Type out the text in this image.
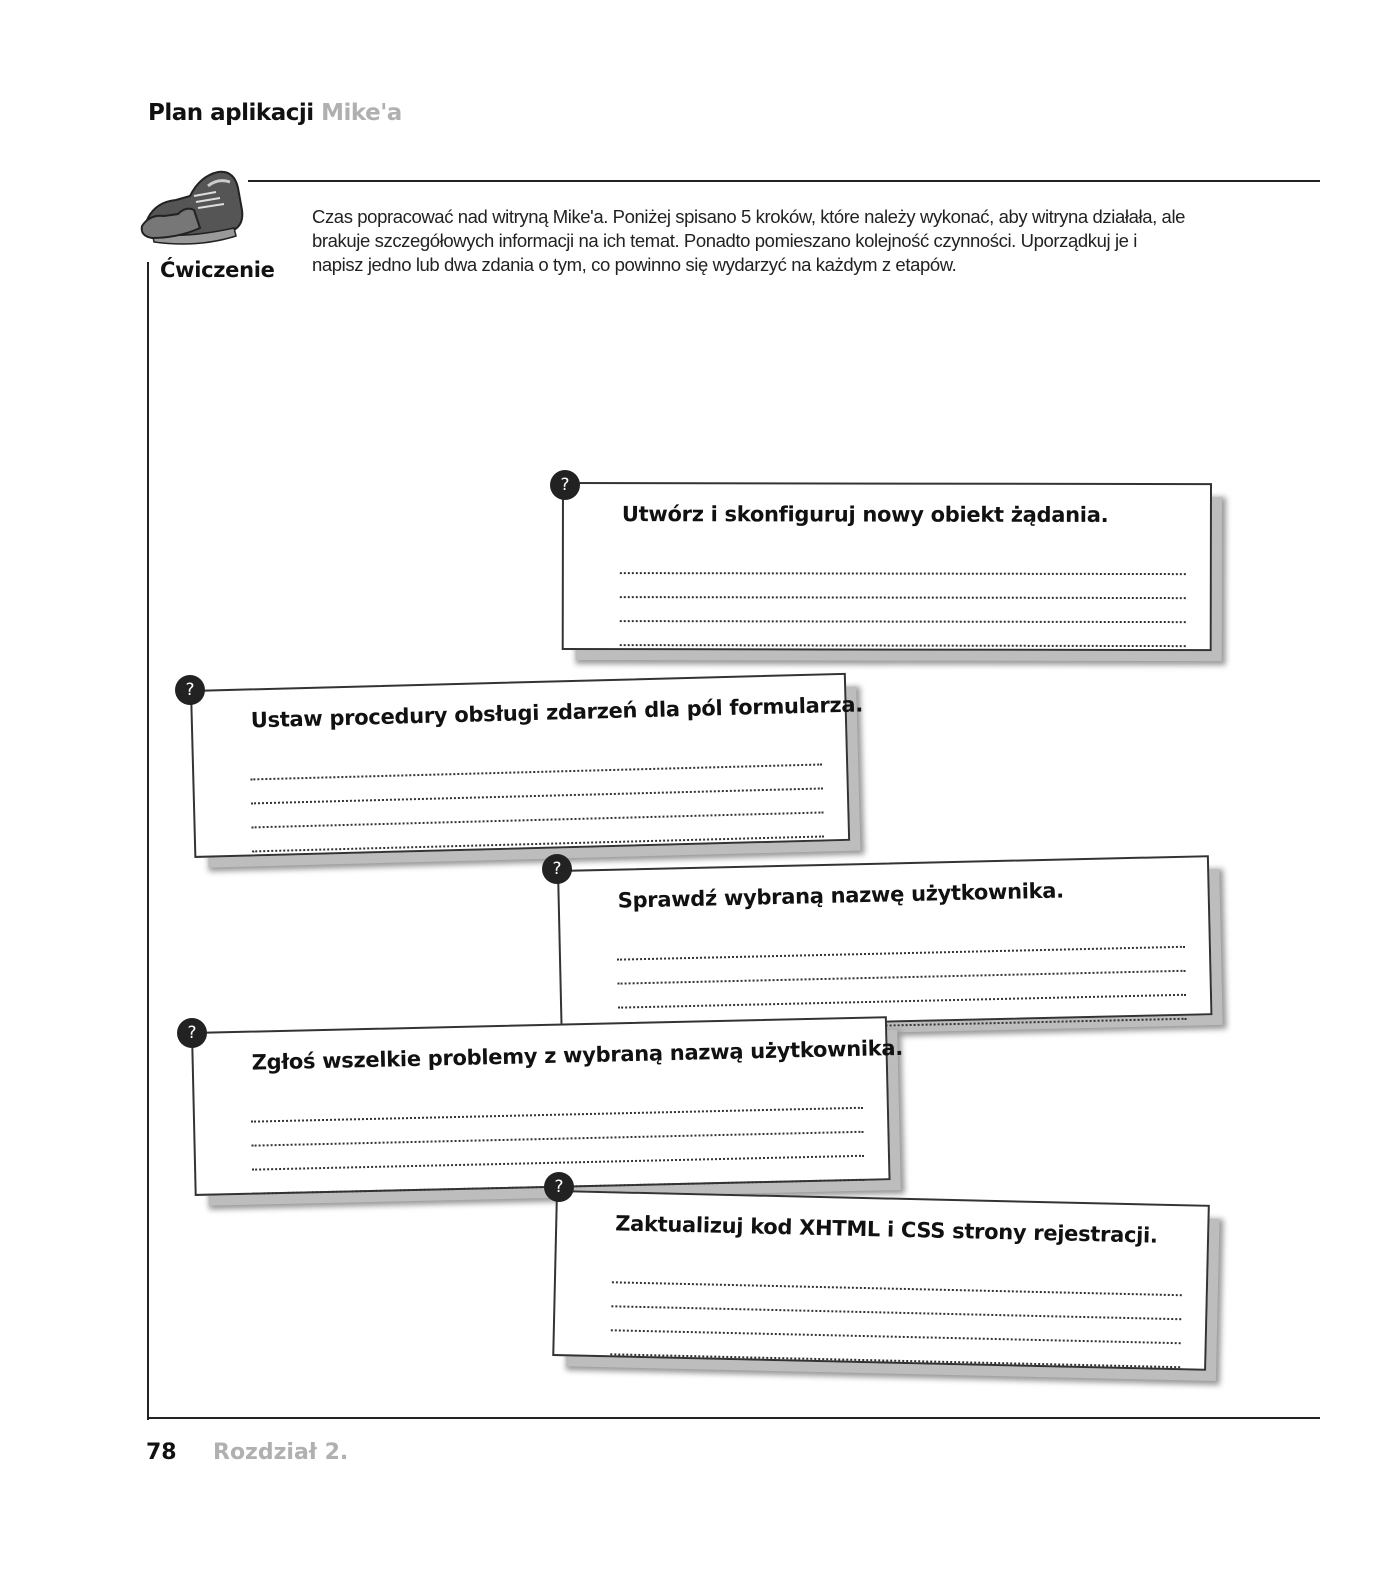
Plan aplikacji Mike'a
Ćwiczenie
Czas popracować nad witryną Mike'a. Poniżej spisano 5 kroków, które należy wykonać, aby witryna działała, ale brakuje szczegółowych informacji na ich temat. Ponadto pomieszano kolejność czynności. Uporządkuj je i napisz jedno lub dwa zdania o tym, co powinno się wydarzyć na każdym z etapów.
Utwórz i skonfiguruj nowy obiekt żądania.
?
Ustaw procedury obsługi zdarzeń dla pól formularza.
?
Sprawdź wybraną nazwę użytkownika.
?
Zgłoś wszelkie problemy z wybraną nazwą użytkownika.
?
Zaktualizuj kod XHTML i CSS strony rejestracji.
?
78 Rozdział 2.
